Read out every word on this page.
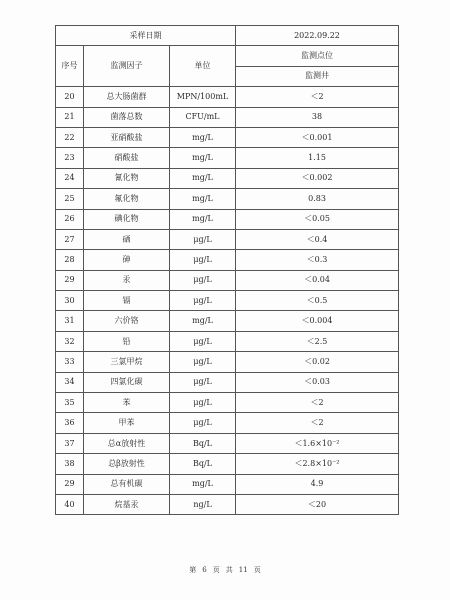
采样日期			2022.09.22
序号	监测因子	单位	监测点位
			监测井
20	总大肠菌群	MPN/100mL	＜2
21	菌落总数	CFU/mL	38
22	亚硝酸盐	mg/L	＜0.001
23	硝酸盐	mg/L	1.15
24	氰化物	mg/L	＜0.002
25	氟化物	mg/L	0.83
26	碘化物	mg/L	＜0.05
27	硒	μg/L	＜0.4
28	砷	μg/L	＜0.3
29	汞	μg/L	＜0.04
30	镉	μg/L	＜0.5
31	六价铬	mg/L	＜0.004
32	铅	μg/L	＜2.5
33	三氯甲烷	μg/L	＜0.02
34	四氯化碳	μg/L	＜0.03
35	苯	μg/L	＜2
36	甲苯	μg/L	＜2
37	总α放射性	Bq/L	＜1.6×10⁻²
38	总β放射性	Bq/L	＜2.8×10⁻²
29	总有机碳	mg/L	4.9
40	烷基汞	ng/L	＜20
第 6 页 共 11 页
